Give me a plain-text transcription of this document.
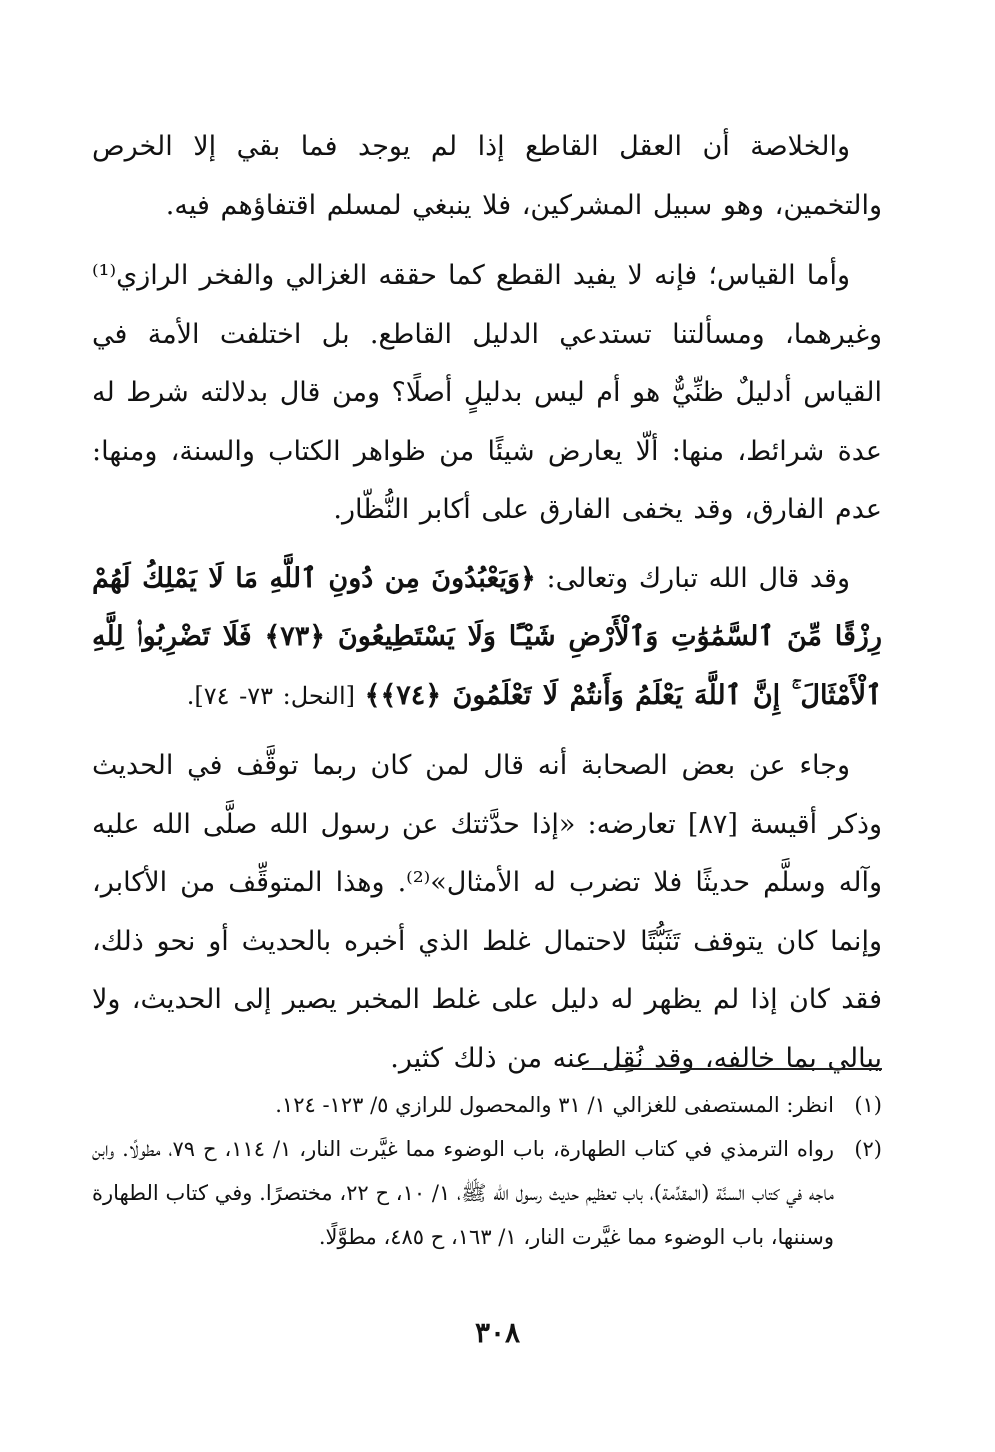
والخلاصة أن العقل القاطع إذا لم يوجد فما بقي إلا الخرص والتخمين، وهو سبيل المشركين، فلا ينبغي لمسلم اقتفاؤهم فيه.

وأما القياس؛ فإنه لا يفيد القطع كما حققه الغزالي والفخر الرازي⁽¹⁾ وغيرهما، ومسألتنا تستدعي الدليل القاطع. بل اختلفت الأمة في القياس أدليلٌ ظنِّيٌّ هو أم ليس بدليلٍ أصلًا؟ ومن قال بدلالته شرط له عدة شرائط، منها: ألّا يعارض شيئًا من ظواهر الكتاب والسنة، ومنها: عدم الفارق، وقد يخفى الفارق على أكابر النُّظّار.

وقد قال الله تبارك وتعالى: ﴿وَيَعْبُدُونَ مِن دُونِ ٱللَّهِ مَا لَا يَمْلِكُ لَهُمْ رِزْقًا مِّنَ ٱلسَّمَٰوَٰتِ وَٱلْأَرْضِ شَيْـًٔا وَلَا يَسْتَطِيعُونَ ﴿٧٣﴾ فَلَا تَضْرِبُوا۟ لِلَّهِ ٱلْأَمْثَالَ ۚ إِنَّ ٱللَّهَ يَعْلَمُ وَأَنتُمْ لَا تَعْلَمُونَ ﴿٧٤﴾﴾ [النحل: ٧٣- ٧٤].

وجاء عن بعض الصحابة أنه قال لمن كان ربما توقَّف في الحديث وذكر أقيسة [٨٧] تعارضه: «إذا حدَّثتك عن رسول الله صلَّى الله عليه وآله وسلَّم حديثًا فلا تضرب له الأمثال»⁽²⁾. وهذا المتوقِّف من الأكابر، وإنما كان يتوقف تَثَبُّتًا لاحتمال غلط الذي أخبره بالحديث أو نحو ذلك، فقد كان إذا لم يظهر له دليل على غلط المخبر يصير إلى الحديث، ولا يبالي بما خالفه، وقد نُقِل عنه من ذلك كثير.

(١)
انظر: المستصفى للغزالي ١/ ٣١ والمحصول للرازي ٥/ ١٢٣- ١٢٤.
(٢)
رواه الترمذي في كتاب الطهارة، باب الوضوء مما غيَّرت النار، ١/ ١١٤، ح ٧٩، مطولًا. وابن ماجه في كتاب السنَّة (المقدِّمة)، باب تعظيم حديث رسول الله ﷺ، ١/ ١٠، ح ٢٢، مختصرًا. وفي كتاب الطهارة وسننها، باب الوضوء مما غيَّرت النار، ١/ ١٦٣، ح ٤٨٥، مطوَّلًا.
٣٠٨
